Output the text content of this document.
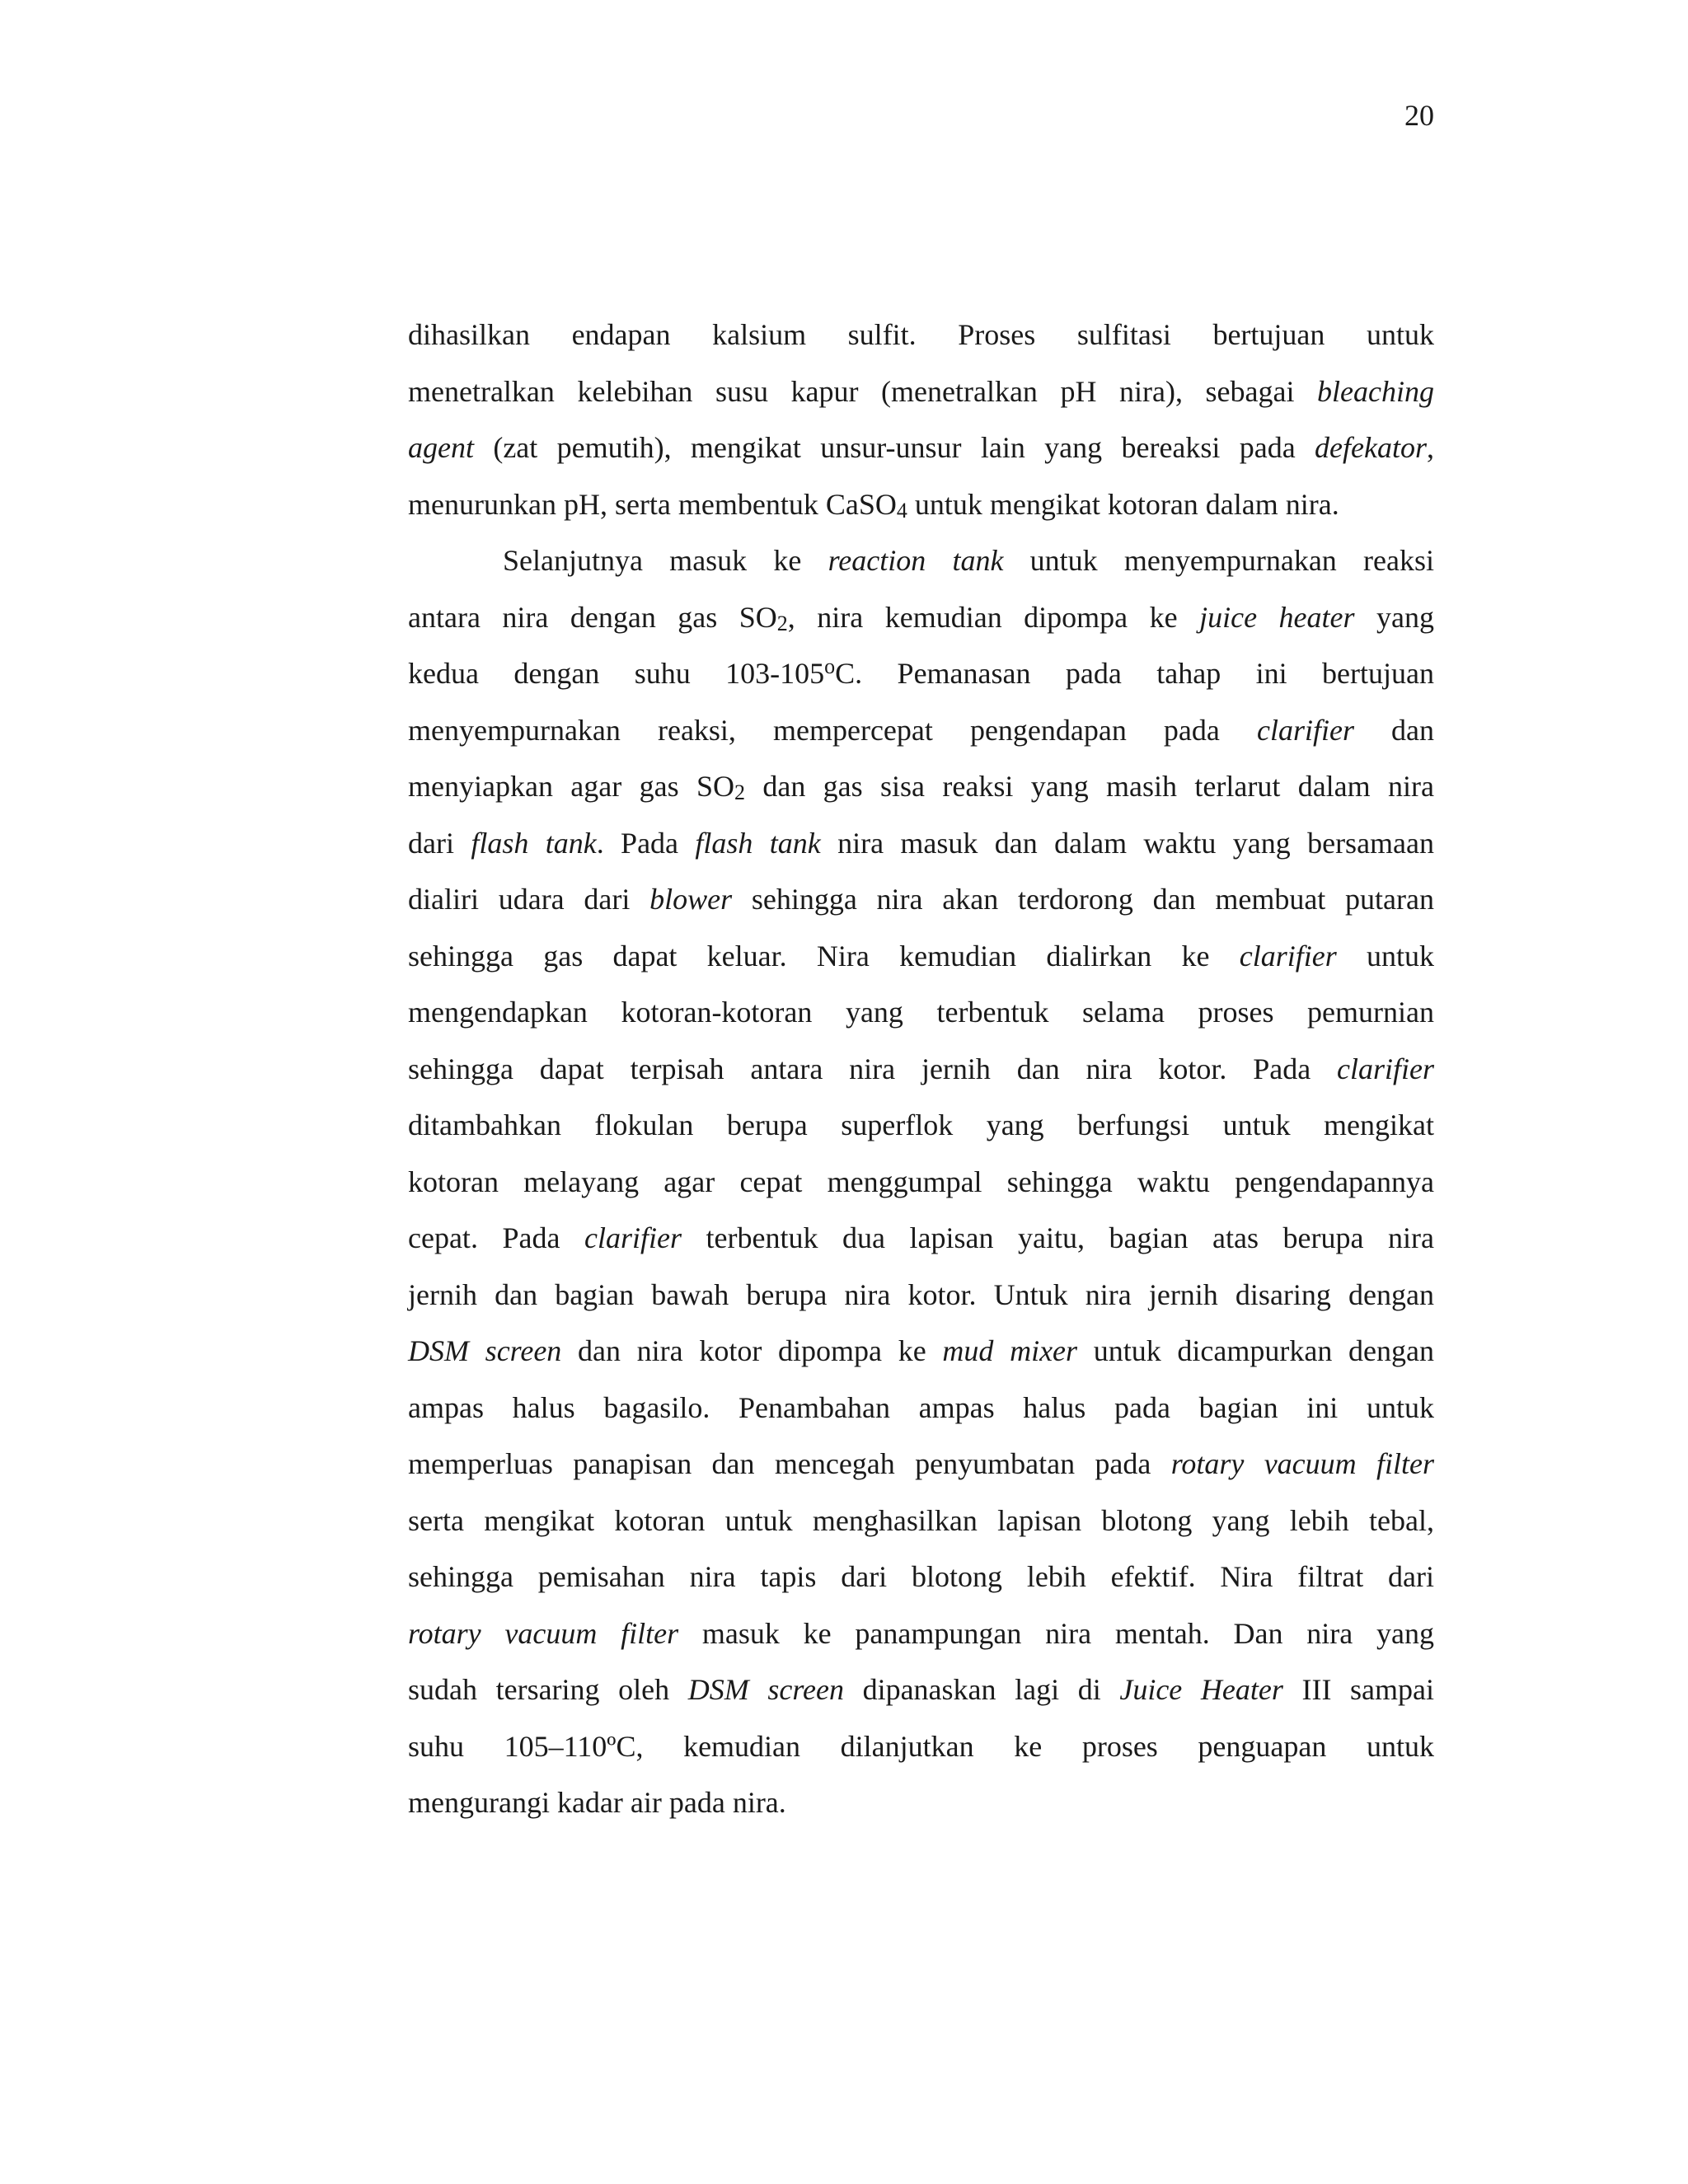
20
dihasilkan endapan kalsium sulfit. Proses sulfitasi bertujuan untuk
menetralkan kelebihan susu kapur (menetralkan pH nira), sebagai bleaching
agent (zat pemutih), mengikat unsur-unsur lain yang bereaksi pada defekator,
menurunkan pH, serta membentuk CaSO4 untuk mengikat kotoran dalam nira.
Selanjutnya masuk ke reaction tank untuk menyempurnakan reaksi
antara nira dengan gas SO2, nira kemudian dipompa ke juice heater yang
kedua dengan suhu 103-105$^o$C. Pemanasan pada tahap ini bertujuan
menyempurnakan reaksi, mempercepat pengendapan pada clarifier dan
menyiapkan agar gas SO2 dan gas sisa reaksi yang masih terlarut dalam nira
dari flash tank. Pada flash tank nira masuk dan dalam waktu yang bersamaan
dialiri udara dari blower sehingga nira akan terdorong dan membuat putaran
sehingga gas dapat keluar. Nira kemudian dialirkan ke clarifier untuk
mengendapkan kotoran-kotoran yang terbentuk selama proses pemurnian
sehingga dapat terpisah antara nira jernih dan nira kotor. Pada clarifier
ditambahkan flokulan berupa superflok yang berfungsi untuk mengikat
kotoran melayang agar cepat menggumpal sehingga waktu pengendapannya
cepat. Pada clarifier terbentuk dua lapisan yaitu, bagian atas berupa nira
jernih dan bagian bawah berupa nira kotor. Untuk nira jernih disaring dengan
DSM screen dan nira kotor dipompa ke mud mixer untuk dicampurkan dengan
ampas halus bagasilo. Penambahan ampas halus pada bagian ini untuk
memperluas panapisan dan mencegah penyumbatan pada rotary vacuum filter
serta mengikat kotoran untuk menghasilkan lapisan blotong yang lebih tebal,
sehingga pemisahan nira tapis dari blotong lebih efektif. Nira filtrat dari
rotary vacuum filter masuk ke panampungan nira mentah. Dan nira yang
sudah tersaring oleh DSM screen dipanaskan lagi di Juice Heater III sampai
suhu 105–110ºC, kemudian dilanjutkan ke proses penguapan untuk
mengurangi kadar air pada nira.
